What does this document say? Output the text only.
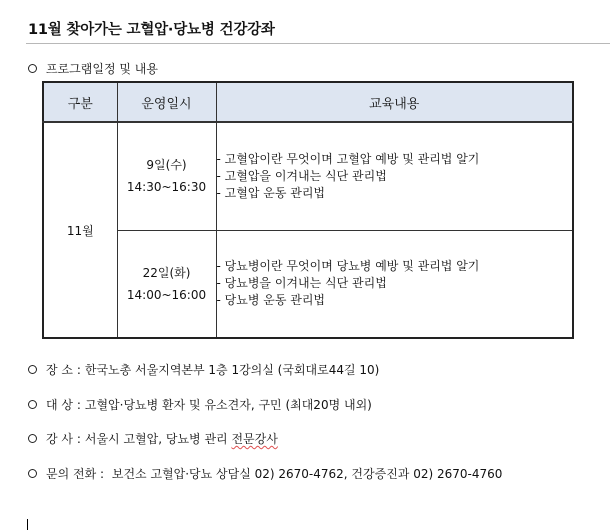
11월 찾아가는 고혈압·당뇨병 건강강좌
프로그램일정 및 내용
구분	운영일시	교육내용
11월	9일(수)
14:30~16:30	- 고혈압이란 무엇이며 고혈압 예방 및 관리법 알기
- 고혈압을 이겨내는 식단 관리법
- 고혈압 운동 관리법

	22일(화)
14:00~16:00	- 당뇨병이란 무엇이며 당뇨병 예방 및 관리법 알기
- 당뇨병을 이겨내는 식단 관리법
- 당뇨병 운동 관리법
장 소 : 한국노총 서울지역본부 1층 1강의실 (국회대로44길 10)
대 상 : 고혈압·당뇨병 환자 및 유소견자, 구민 (최대20명 내외)
강 사 : 서울시 고혈압, 당뇨병 관리 전문강사
문의 전화 : 보건소 고혈압·당뇨 상담실 02) 2670-4762, 건강증진과 02) 2670-4760
